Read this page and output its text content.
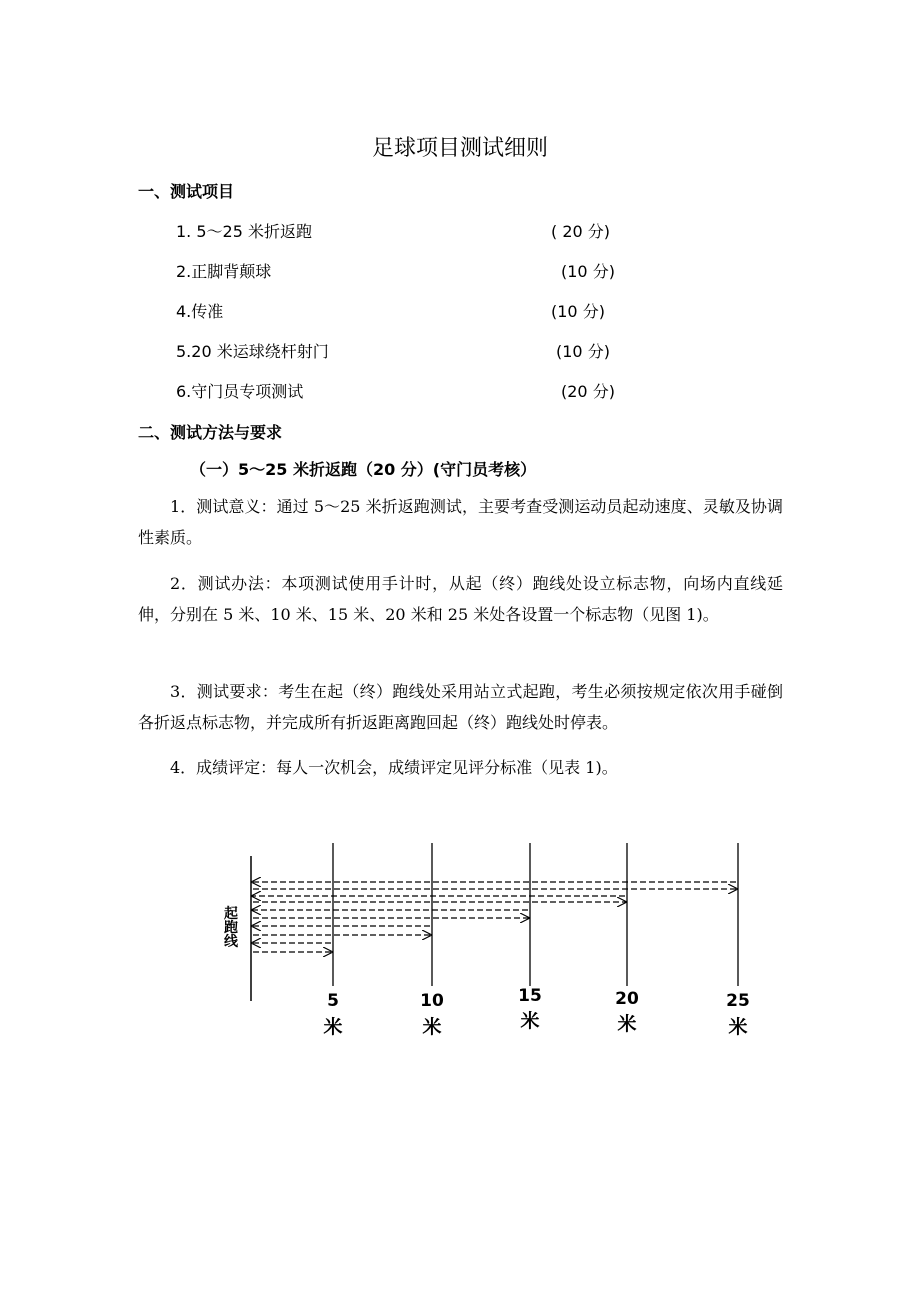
足球项目测试细则
一、测试项目
1. 5～25 米折返跑	( 20 分)
2.正脚背颠球	(10 分)
4.传准	(10 分)
5.20 米运球绕杆射门	(10 分)
6.守门员专项测试	(20 分)
二、测试方法与要求
（一）5～25 米折返跑（20 分）(守门员考核）
1．测试意义：通过 5～25 米折返跑测试，主要考查受测运动员起动速度、灵敏及协调性素质。
2．测试办法：本项测试使用手计时，从起（终）跑线处设立标志物，向场内直线延伸，分别在 5 米、10 米、15 米、20 米和 25 米处各设置一个标志物（见图 1)。
3．测试要求：考生在起（终）跑线处采用站立式起跑，考生必须按规定依次用手碰倒各折返点标志物，并完成所有折返距离跑回起（终）跑线处时停表。
4．成绩评定：每人一次机会，成绩评定见评分标准（见表 1)。
起
跑
线
5
米
10
米
15
米
20
米
25
米
